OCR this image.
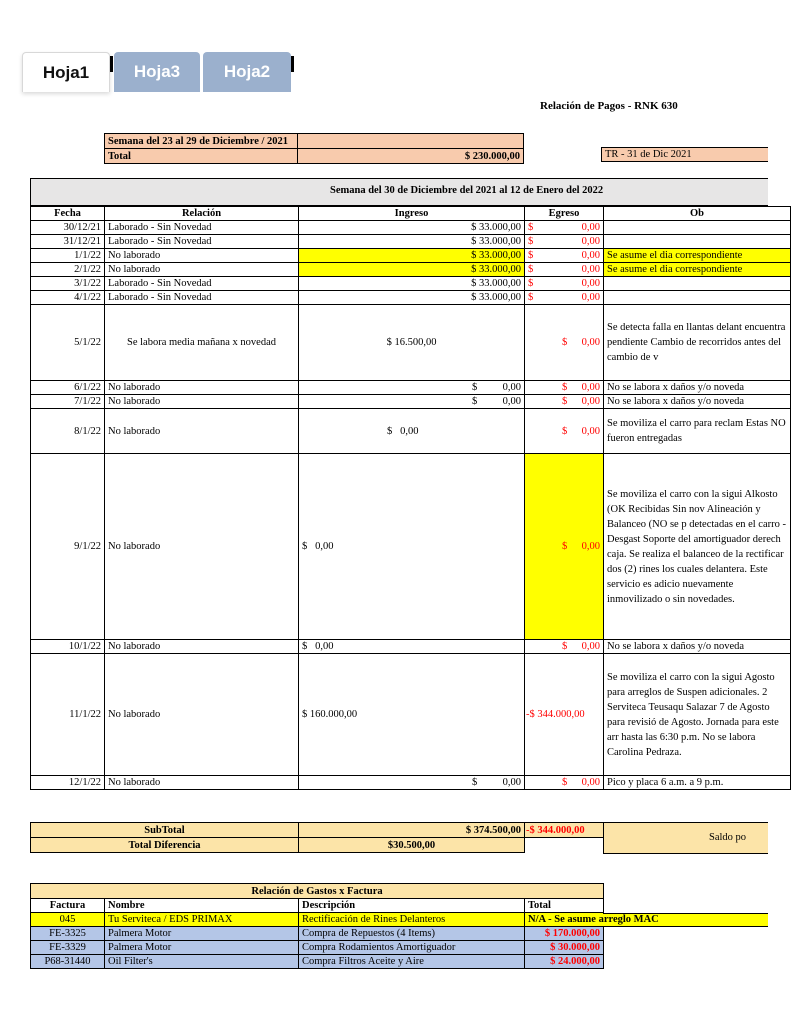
Hoja1	Hoja3	Hoja2
Relación de Pagos - RNK 630
Semana del 23 al 29 de Diciembre / 2021	
Total	$ 230.000,00	TR - 31 de Dic 2021
Semana del 30 de Diciembre del 2021 al 12 de Enero del 2022
Fecha	Relación	Ingreso	Egreso	Ob
30/12/21	Laborado - Sin Novedad	$ 33.000,00	$ 0,00	

31/12/21	Laborado - Sin Novedad	$ 33.000,00	$ 0,00	

1/1/22	No laborado	$ 33.000,00	$ 0,00	Se asume el dia correspondiente
2/1/22	No laborado	$ 33.000,00	$ 0,00	Se asume el dia correspondiente
3/1/22	Laborado - Sin Novedad	$ 33.000,00	$ 0,00	

4/1/22	Laborado - Sin Novedad	$ 33.000,00	$ 0,00	

5/1/22	Se labora media mañana x novedad	$ 16.500,00	$ 0,00	Se detecta falla en llantas delant encuentra pendiente Cambio de recorridos antes del cambio de v
6/1/22	No laborado	$ 0,00	$ 0,00	No se labora x daños y/o noveda
7/1/22	No laborado	$ 0,00	$ 0,00	No se labora x daños y/o noveda
8/1/22	No laborado	$ 0,00	$ 0,00	Se moviliza el carro para reclam Estas NO fueron entregadas
9/1/22	No laborado	$ 0,00	$ 0,00	Se moviliza el carro con la sigui Alkosto (OK Recibidas Sin nov Alineación y Balanceo (NO se p detectadas en el carro - Desgast Soporte del amortiguador derech caja. Se realiza el balanceo de la rectificar dos (2) rines los cuales delantera. Este servicio es adicio nuevamente inmovilizado o sin novedades.
10/1/22	No laborado	$ 0,00	$ 0,00	No se labora x daños y/o noveda
11/1/22	No laborado	$ 160.000,00	-$ 344.000,00	Se moviliza el carro con la sigui Agosto para arreglos de Suspen adicionales. 2 Serviteca Teusaqu Salazar 7 de Agosto para revisió de Agosto. Jornada para este arr hasta las 6:30 p.m. No se labora Carolina Pedraza.
12/1/22	No laborado	$ 0,00	$ 0,00	Pico y placa 6 a.m. a 9 p.m.
SubTotal	$ 374.500,00	-$ 344.000,00
Total Diferencia	$30.500,00	
Saldo po
Relación de Gastos x Factura			
Factura	Nombre	Descripción	Total
045	Tu Serviteca / EDS PRIMAX	Rectificación de Rines Delanteros	N/A - Se asume arreglo MAC
FE-3325	Palmera Motor	Compra de Repuestos (4 Items)	$ 170.000,00
FE-3329	Palmera Motor	Compra Rodamientos Amortiguador	$ 30.000,00
P68-31440	Oil Filter's	Compra Filtros Aceite y Aire	$ 24.000,00
